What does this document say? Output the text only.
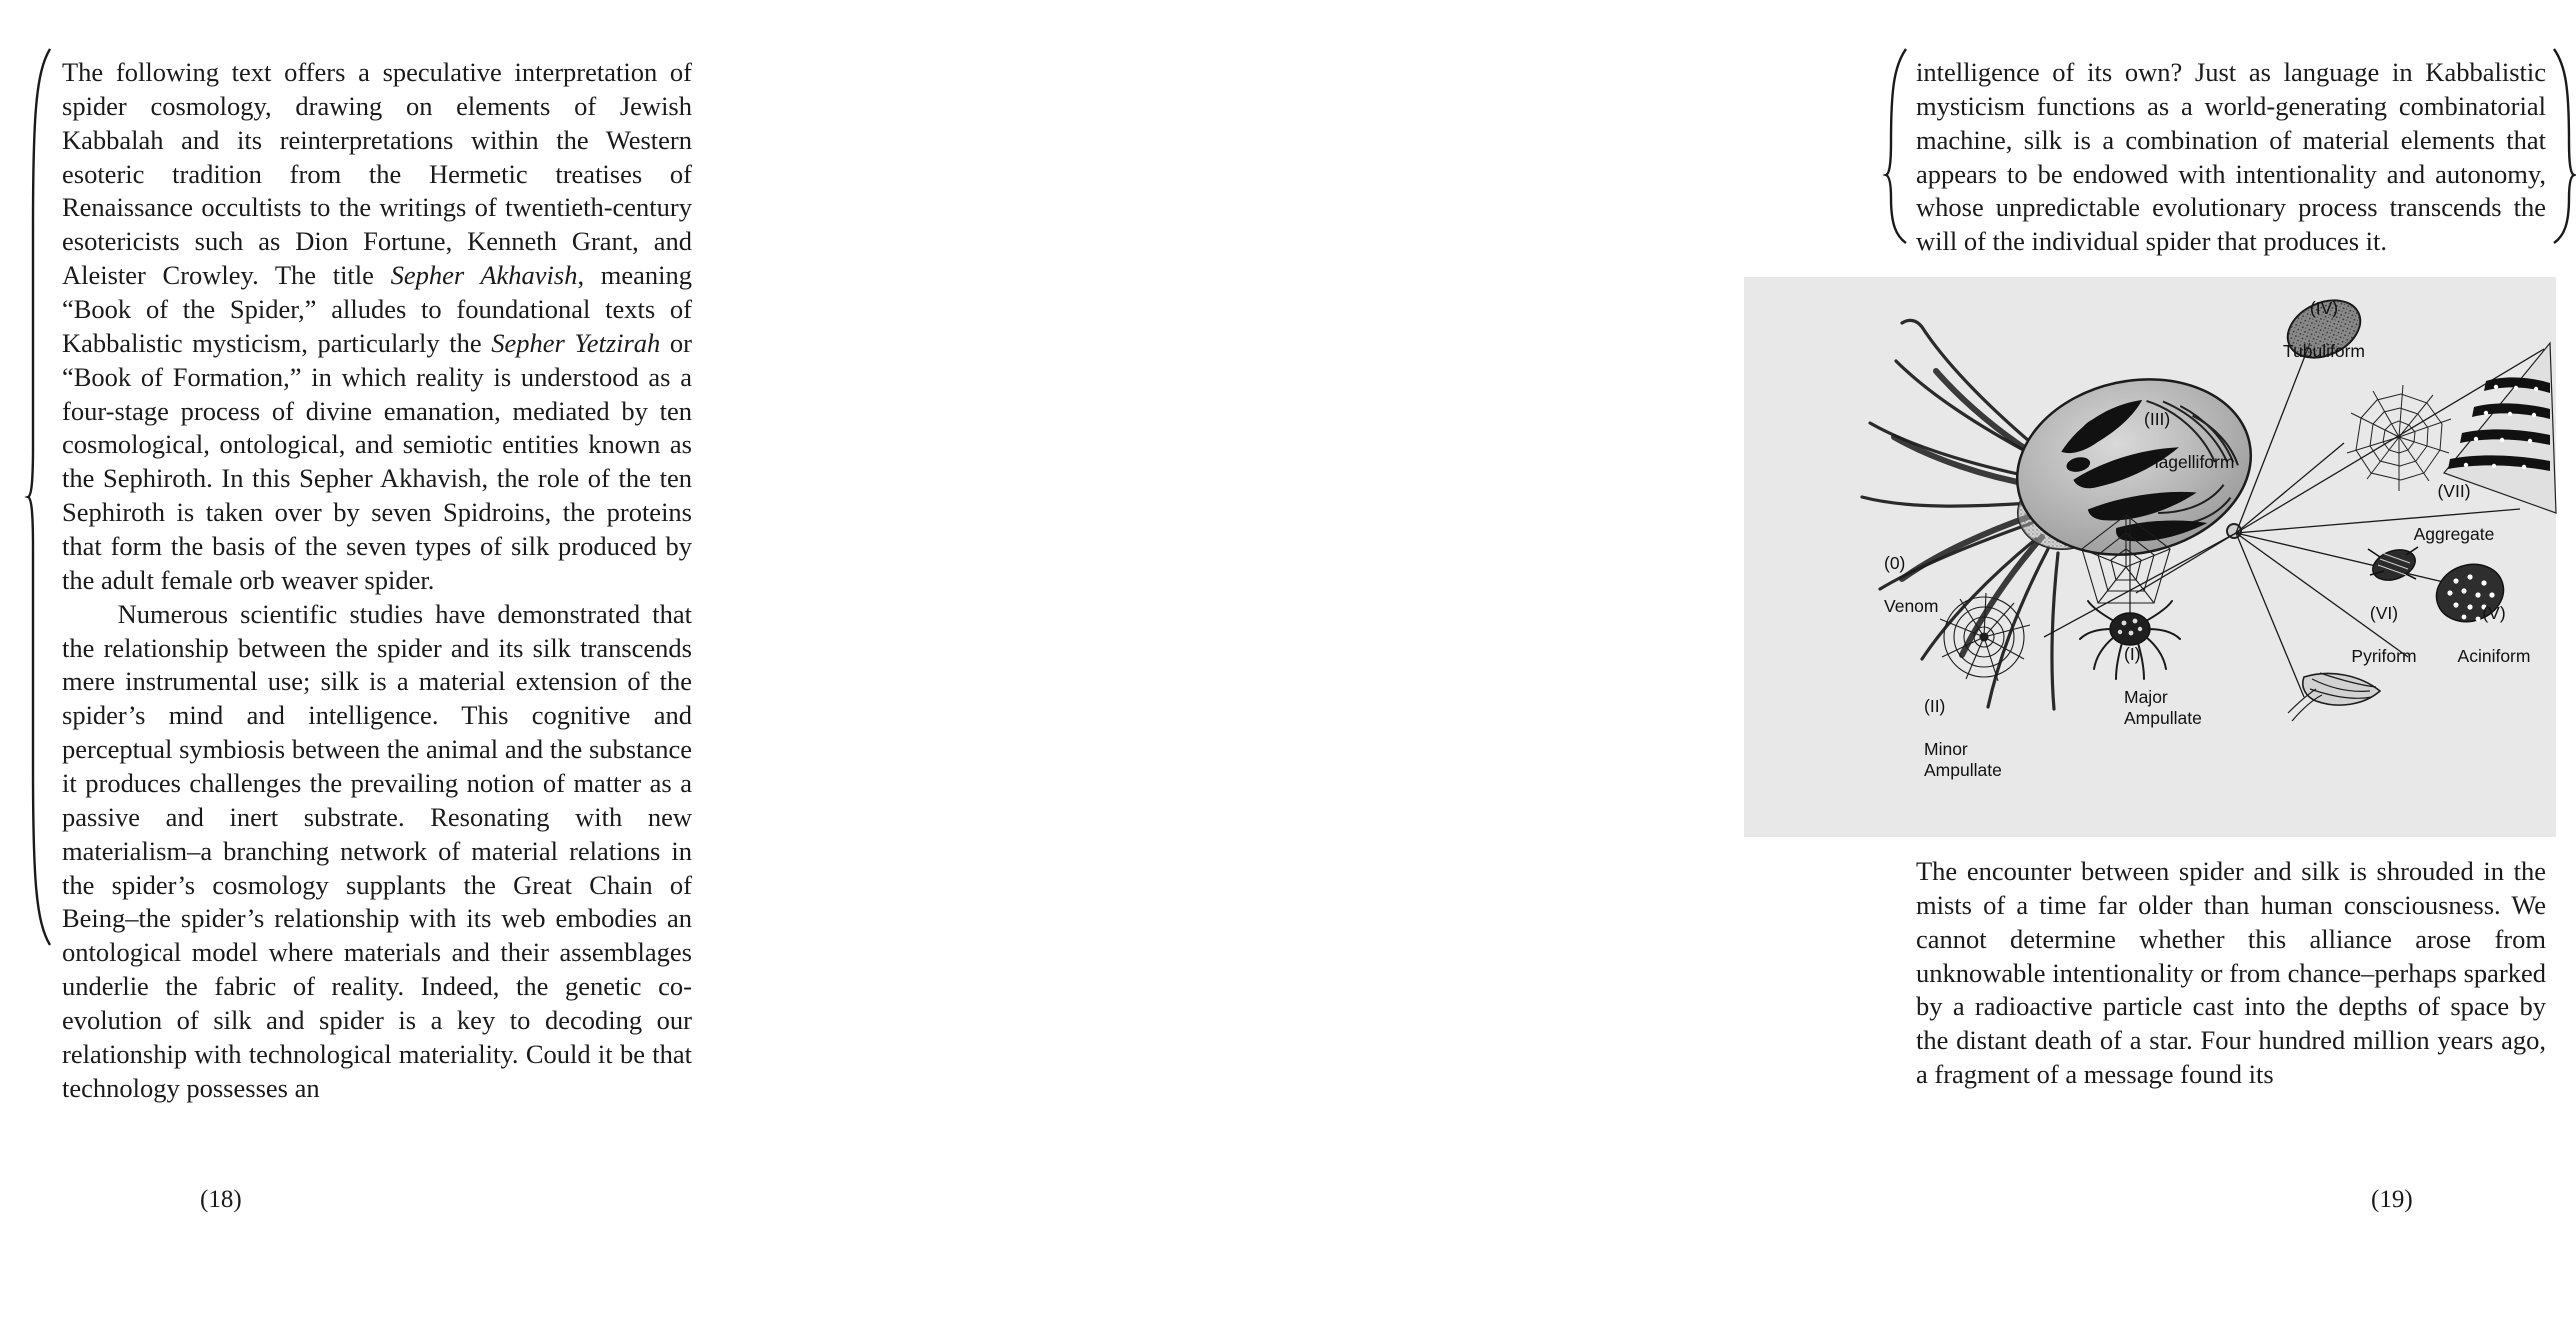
The following text offers a speculative interpretation of spider cosmology, drawing on elements of Jewish Kabbalah and its reinterpretations within the Western esoteric tradition from the Hermetic treatises of Renaissance occultists to the writings of twentieth-century esotericists such as Dion Fortune, Kenneth Grant, and Aleister Crowley. The title Sepher Akhavish, meaning “Book of the Spider,” alludes to foundational texts of Kabbalistic mysticism, particularly the Sepher Yetzirah or “Book of Formation,” in which reality is understood as a four-stage process of divine emanation, mediated by ten cosmological, ontological, and semiotic entities known as the Sephiroth. In this Sepher Akhavish, the role of the ten Sephiroth is taken over by seven Spidroins, the proteins that form the basis of the seven types of silk produced by the adult female orb weaver spider.

Numerous scientific studies have demonstrated that the relationship between the spider and its silk transcends mere instrumental use; silk is a material extension of the spider’s mind and intelligence. This cognitive and perceptual symbiosis between the animal and the substance it produces challenges the prevailing notion of matter as a passive and inert substrate. Resonating with new materialism–a branching network of material relations in the spider’s cosmology supplants the Great Chain of Being–the spider’s relationship with its web embodies an ontological model where materials and their assemblages underlie the fabric of reality. Indeed, the genetic co-evolution of silk and spider is a key to decoding our relationship with technological materiality. Could it be that technology possesses an

(18)
intelligence of its own? Just as language in Kabbalistic mysticism functions as a world-generating combinatorial machine, silk is a combination of material elements that appears to be endowed with intentionality and autonomy, whose unpredictable evolutionary process transcends the will of the individual spider that produces it.

(IV)

Tubuliform

(III)

Flagelliform

(VII)

Aggregate

(0)

Venom	(VI)

Pyriform

(V)

Aciniform

(I)

Major
Ampullate

(II)

Minor
Ampullate

The encounter between spider and silk is shrouded in the mists of a time far older than human consciousness. We cannot determine whether this alliance arose from unknowable intentionality or from chance–perhaps sparked by a radioactive particle cast into the depths of space by the distant death of a star. Four hundred million years ago, a fragment of a message found its
(19)
